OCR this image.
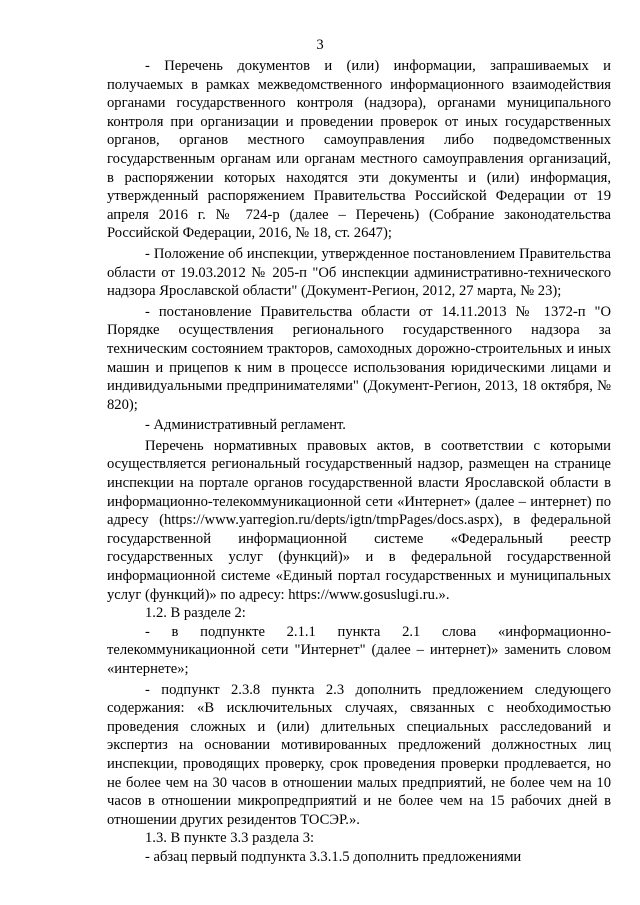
3

- Перечень документов и (или) информации, запрашиваемых и получаемых в рамках межведомственного информационного взаимодействия органами государственного контроля (надзора), органами муниципального контроля при организации и проведении проверок от иных государственных органов, органов местного самоуправления либо подведомственных государственным органам или органам местного самоуправления организаций, в распоряжении которых находятся эти документы и (или) информация, утвержденный распоряжением Правительства Российской Федерации от 19 апреля 2016 г. № 724-р (далее – Перечень) (Собрание законодательства Российской Федерации, 2016, № 18, ст. 2647);

- Положение об инспекции, утвержденное постановлением Правительства области от 19.03.2012 № 205-п "Об инспекции административно-технического надзора Ярославской области" (Документ-Регион, 2012, 27 марта, № 23);

- постановление Правительства области от 14.11.2013 № 1372-п "О Порядке осуществления регионального государственного надзора за техническим состоянием тракторов, самоходных дорожно-строительных и иных машин и прицепов к ним в процессе использования юридическими лицами и индивидуальными предпринимателями" (Документ-Регион, 2013, 18 октября, № 820);

- Административный регламент.

Перечень нормативных правовых актов, в соответствии с которыми осуществляется региональный государственный надзор, размещен на странице инспекции на портале органов государственной власти Ярославской области в информационно-телекоммуникационной сети «Интернет» (далее – интернет) по адресу (https://www.yarregion.ru/depts/igtn/tmpPages/docs.aspx), в федеральной государственной информационной системе «Федеральный реестр государственных услуг (функций)» и в федеральной государственной информационной системе «Единый портал государственных и муниципальных услуг (функций)» по адресу: https://www.gosuslugi.ru.».

1.2. В разделе 2:

- в подпункте 2.1.1 пункта 2.1 слова «информационно-телекоммуникационной сети "Интернет" (далее – интернет)» заменить словом «интернете»;

- подпункт 2.3.8 пункта 2.3 дополнить предложением следующего содержания: «В исключительных случаях, связанных с необходимостью проведения сложных и (или) длительных специальных расследований и экспертиз на основании мотивированных предложений должностных лиц инспекции, проводящих проверку, срок проведения проверки продлевается, но не более чем на 30 часов в отношении малых предприятий, не более чем на 10 часов в отношении микропредприятий и не более чем на 15 рабочих дней в отношении других резидентов ТОСЭР.».

1.3. В пункте 3.3 раздела 3:

- абзац первый подпункта 3.3.1.5 дополнить предложениями
